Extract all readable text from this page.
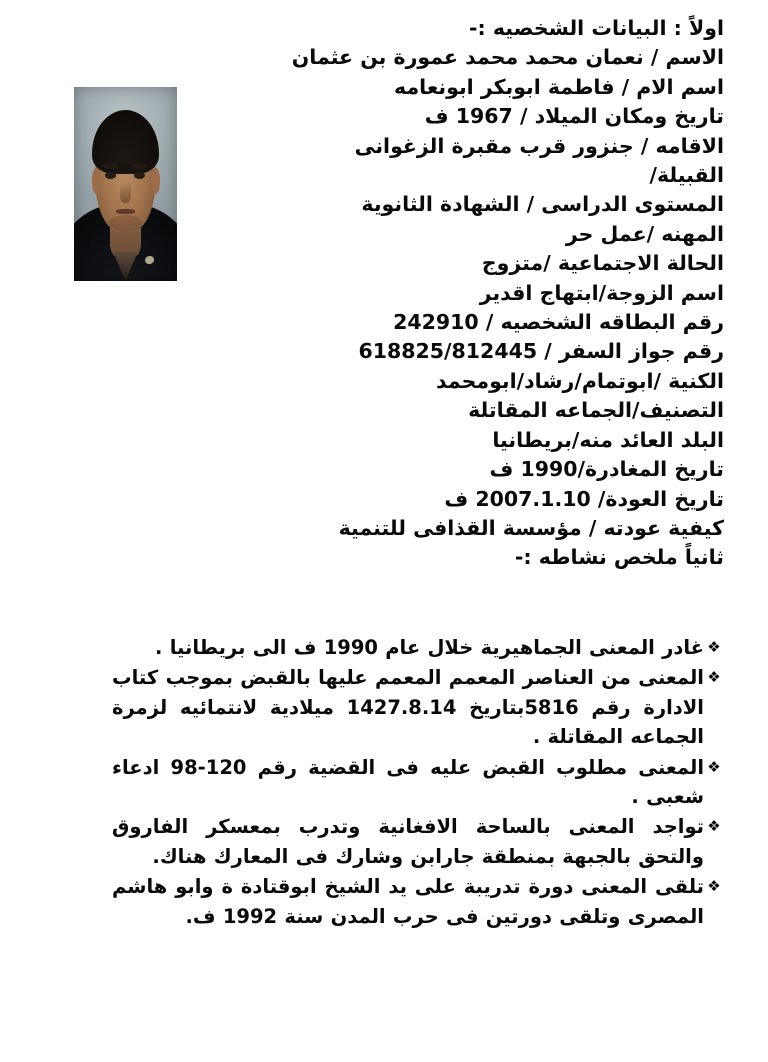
اولاً : البيانات الشخصيه :-
الاسم / نعمان محمد محمد عمورة بن عثمان
اسم الام / فاطمة ابوبكر ابونعامه
تاريخ ومكان الميلاد / 1967 ف
الاقامه / جنزور قرب مقبرة الزغوانى
القبيلة/
المستوى الدراسى / الشهادة الثانوية
المهنه /عمل حر
الحالة الاجتماعية /متزوج
اسم الزوجة/ابتهاج اقدير
رقم البطاقه الشخصيه / 242910
رقم جواز السفر / 618825/812445
الكنية /ابوتمام/رشاد/ابومحمد
التصنيف/الجماعه المقاتلة
البلد العائد منه/بريطانيا
تاريخ المغادرة/1990 ف
تاريخ العودة/ 2007.1.10 ف
كيفية عودته / مؤسسة القذافى للتنمية
ثانياً ملخص نشاطه :-
❖
غادر المعنى الجماهيرية خلال عام 1990 ف الى بريطانيا .
❖
المعنى من العناصر المعمم المعمم عليها بالقبض بموجب كتاب الادارة رقم 5816بتاريخ 1427.8.14 ميلادية لانتمائيه لزمرة الجماعه المقاتلة .
❖
المعنى مطلوب القبض عليه فى القضية رقم 120-98 ادعاء شعبى .
❖
تواجد المعنى بالساحة الافغانية وتدرب بمعسكر الفاروق والتحق بالجبهة بمنطقة جارابن وشارك فى المعارك هناك.
❖
تلقى المعنى دورة تدريبة على يد الشيخ ابوقتادة ة وابو هاشم المصرى وتلقى دورتين فى حرب المدن سنة 1992 ف.
